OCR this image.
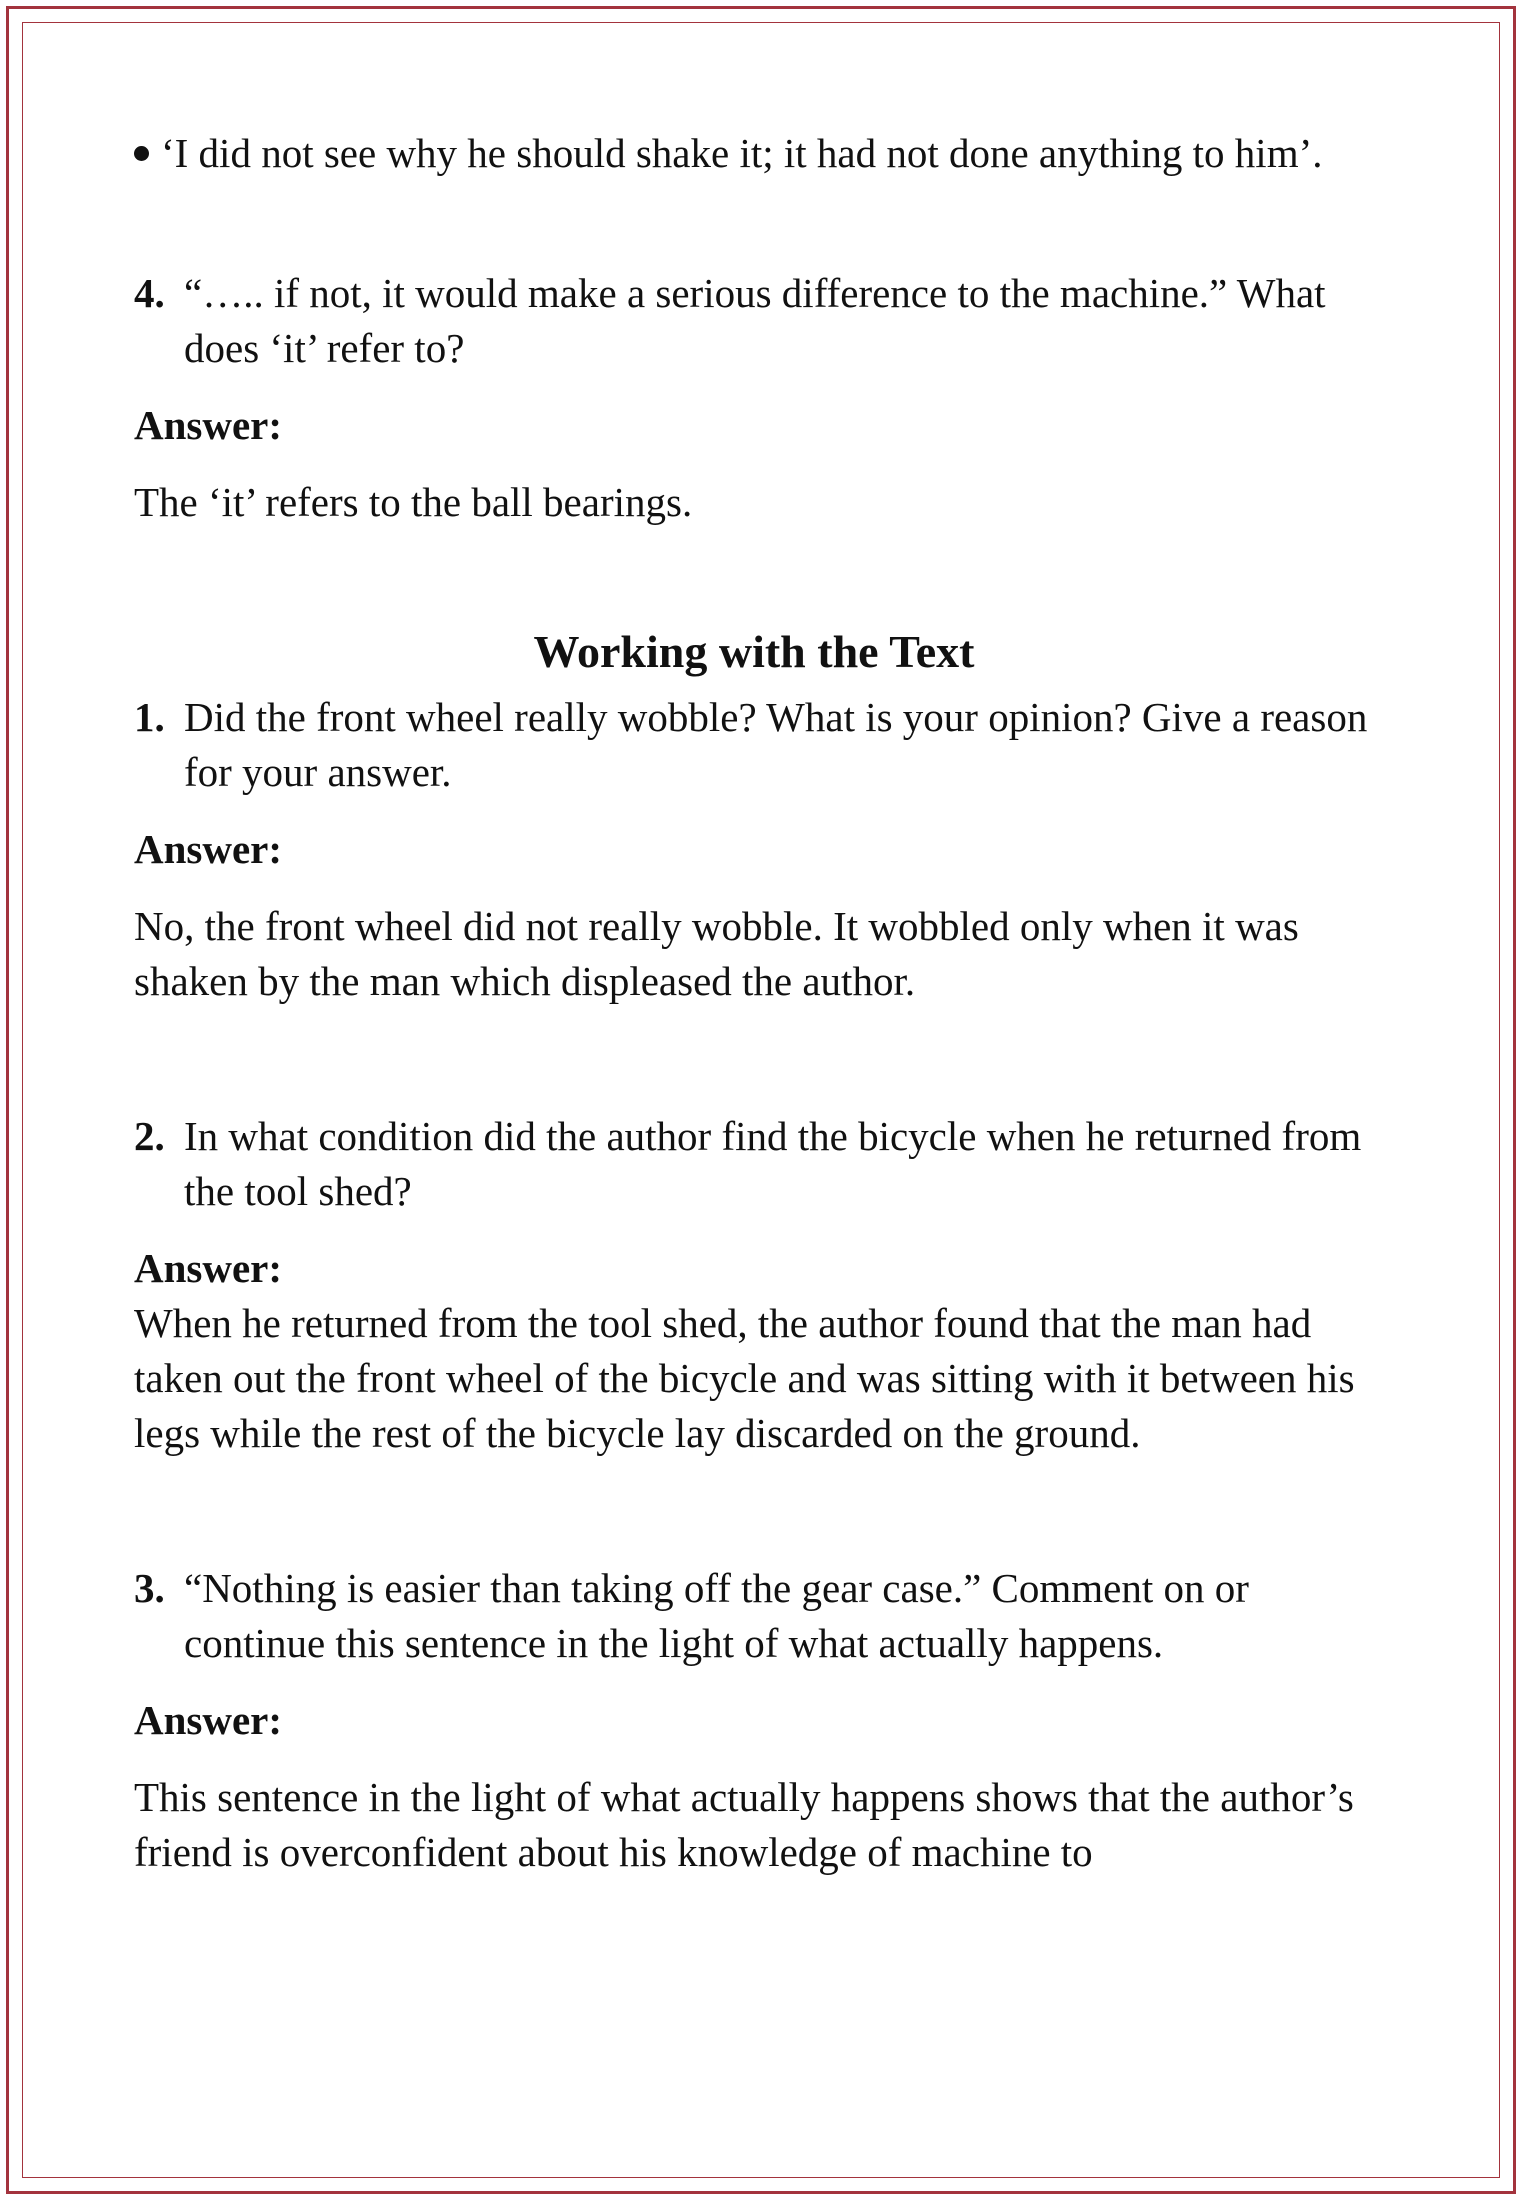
‘I did not see why he should shake it; it had not done anything to him’.

4. “….. if not, it would make a serious difference to the machine.” What does ‘it’ refer to?

Answer:

The ‘it’ refers to the ball bearings.

Working with the Text
1. Did the front wheel really wobble? What is your opinion? Give a reason for your answer.

Answer:

No, the front wheel did not really wobble. It wobbled only when it was shaken by the man which displeased the author.

2. In what condition did the author find the bicycle when he returned from the tool shed?

Answer:

When he returned from the tool shed, the author found that the man had taken out the front wheel of the bicycle and was sitting with it between his legs while the rest of the bicycle lay discarded on the ground.

3. “Nothing is easier than taking off the gear case.” Comment on or continue this sentence in the light of what actually happens.

Answer:

This sentence in the light of what actually happens shows that the author’s friend is overconfident about his knowledge of machine to
